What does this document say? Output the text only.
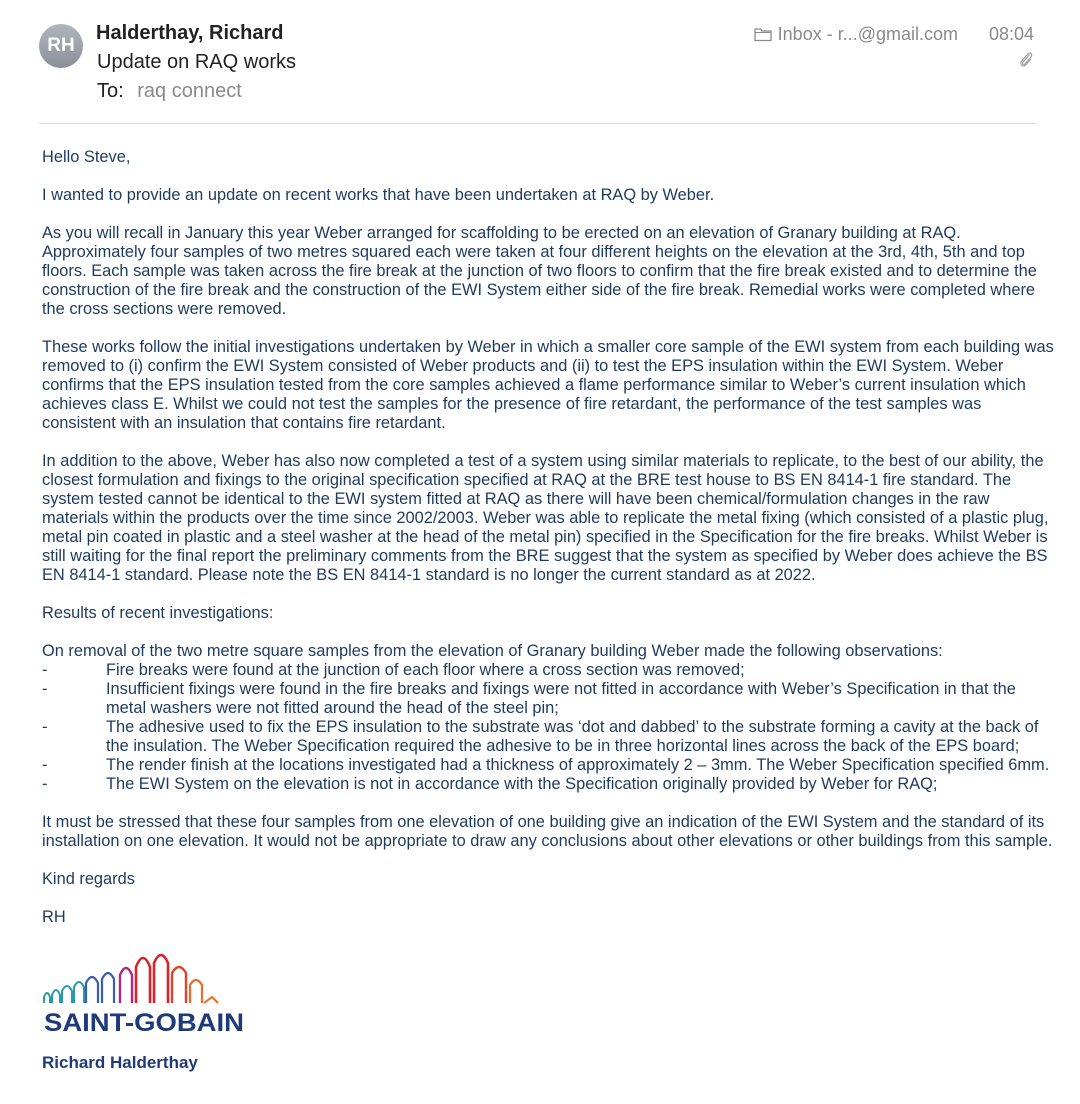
RH
Halderthay, Richard
Update on RAQ works
To: raq connect
Inbox - r...@gmail.com 08:04

Hello Steve,

I wanted to provide an update on recent works that have been undertaken at RAQ by Weber.

As you will recall in January this year Weber arranged for scaffolding to be erected on an elevation of Granary building at RAQ. Approximately four samples of two metres squared each were taken at four different heights on the elevation at the 3rd, 4th, 5th and top floors. Each sample was taken across the fire break at the junction of two floors to confirm that the fire break existed and to determine the construction of the fire break and the construction of the EWI System either side of the fire break. Remedial works were completed where the cross sections were removed.

These works follow the initial investigations undertaken by Weber in which a smaller core sample of the EWI system from each building was removed to (i) confirm the EWI System consisted of Weber products and (ii) to test the EPS insulation within the EWI System. Weber confirms that the EPS insulation tested from the core samples achieved a flame performance similar to Weber’s current insulation which achieves class E. Whilst we could not test the samples for the presence of fire retardant, the performance of the test samples was consistent with an insulation that contains fire retardant.

In addition to the above, Weber has also now completed a test of a system using similar materials to replicate, to the best of our ability, the closest formulation and fixings to the original specification specified at RAQ at the BRE test house to BS EN 8414-1 fire standard. The system tested cannot be identical to the EWI system fitted at RAQ as there will have been chemical/formulation changes in the raw materials within the products over the time since 2002/2003. Weber was able to replicate the metal fixing (which consisted of a plastic plug, metal pin coated in plastic and a steel washer at the head of the metal pin) specified in the Specification for the fire breaks. Whilst Weber is still waiting for the final report the preliminary comments from the BRE suggest that the system as specified by Weber does achieve the BS EN 8414-1 standard. Please note the BS EN 8414-1 standard is no longer the current standard as at 2022.

Results of recent investigations:

On removal of the two metre square samples from the elevation of Granary building Weber made the following observations:

-	Fire breaks were found at the junction of each floor where a cross section was removed;
-	Insufficient fixings were found in the fire breaks and fixings were not fitted in accordance with Weber’s Specification in that the metal washers were not fitted around the head of the steel pin;
-	The adhesive used to fix the EPS insulation to the substrate was ‘dot and dabbed’ to the substrate forming a cavity at the back of the insulation. The Weber Specification required the adhesive to be in three horizontal lines across the back of the EPS board;
-	The render finish at the locations investigated had a thickness of approximately 2 – 3mm. The Weber Specification specified 6mm.
-	The EWI System on the elevation is not in accordance with the Specification originally provided by Weber for RAQ;

It must be stressed that these four samples from one elevation of one building give an indication of the EWI System and the standard of its installation on one elevation. It would not be appropriate to draw any conclusions about other elevations or other buildings from this sample.

Kind regards

RH

SAINT-GOBAIN
Richard Halderthay
